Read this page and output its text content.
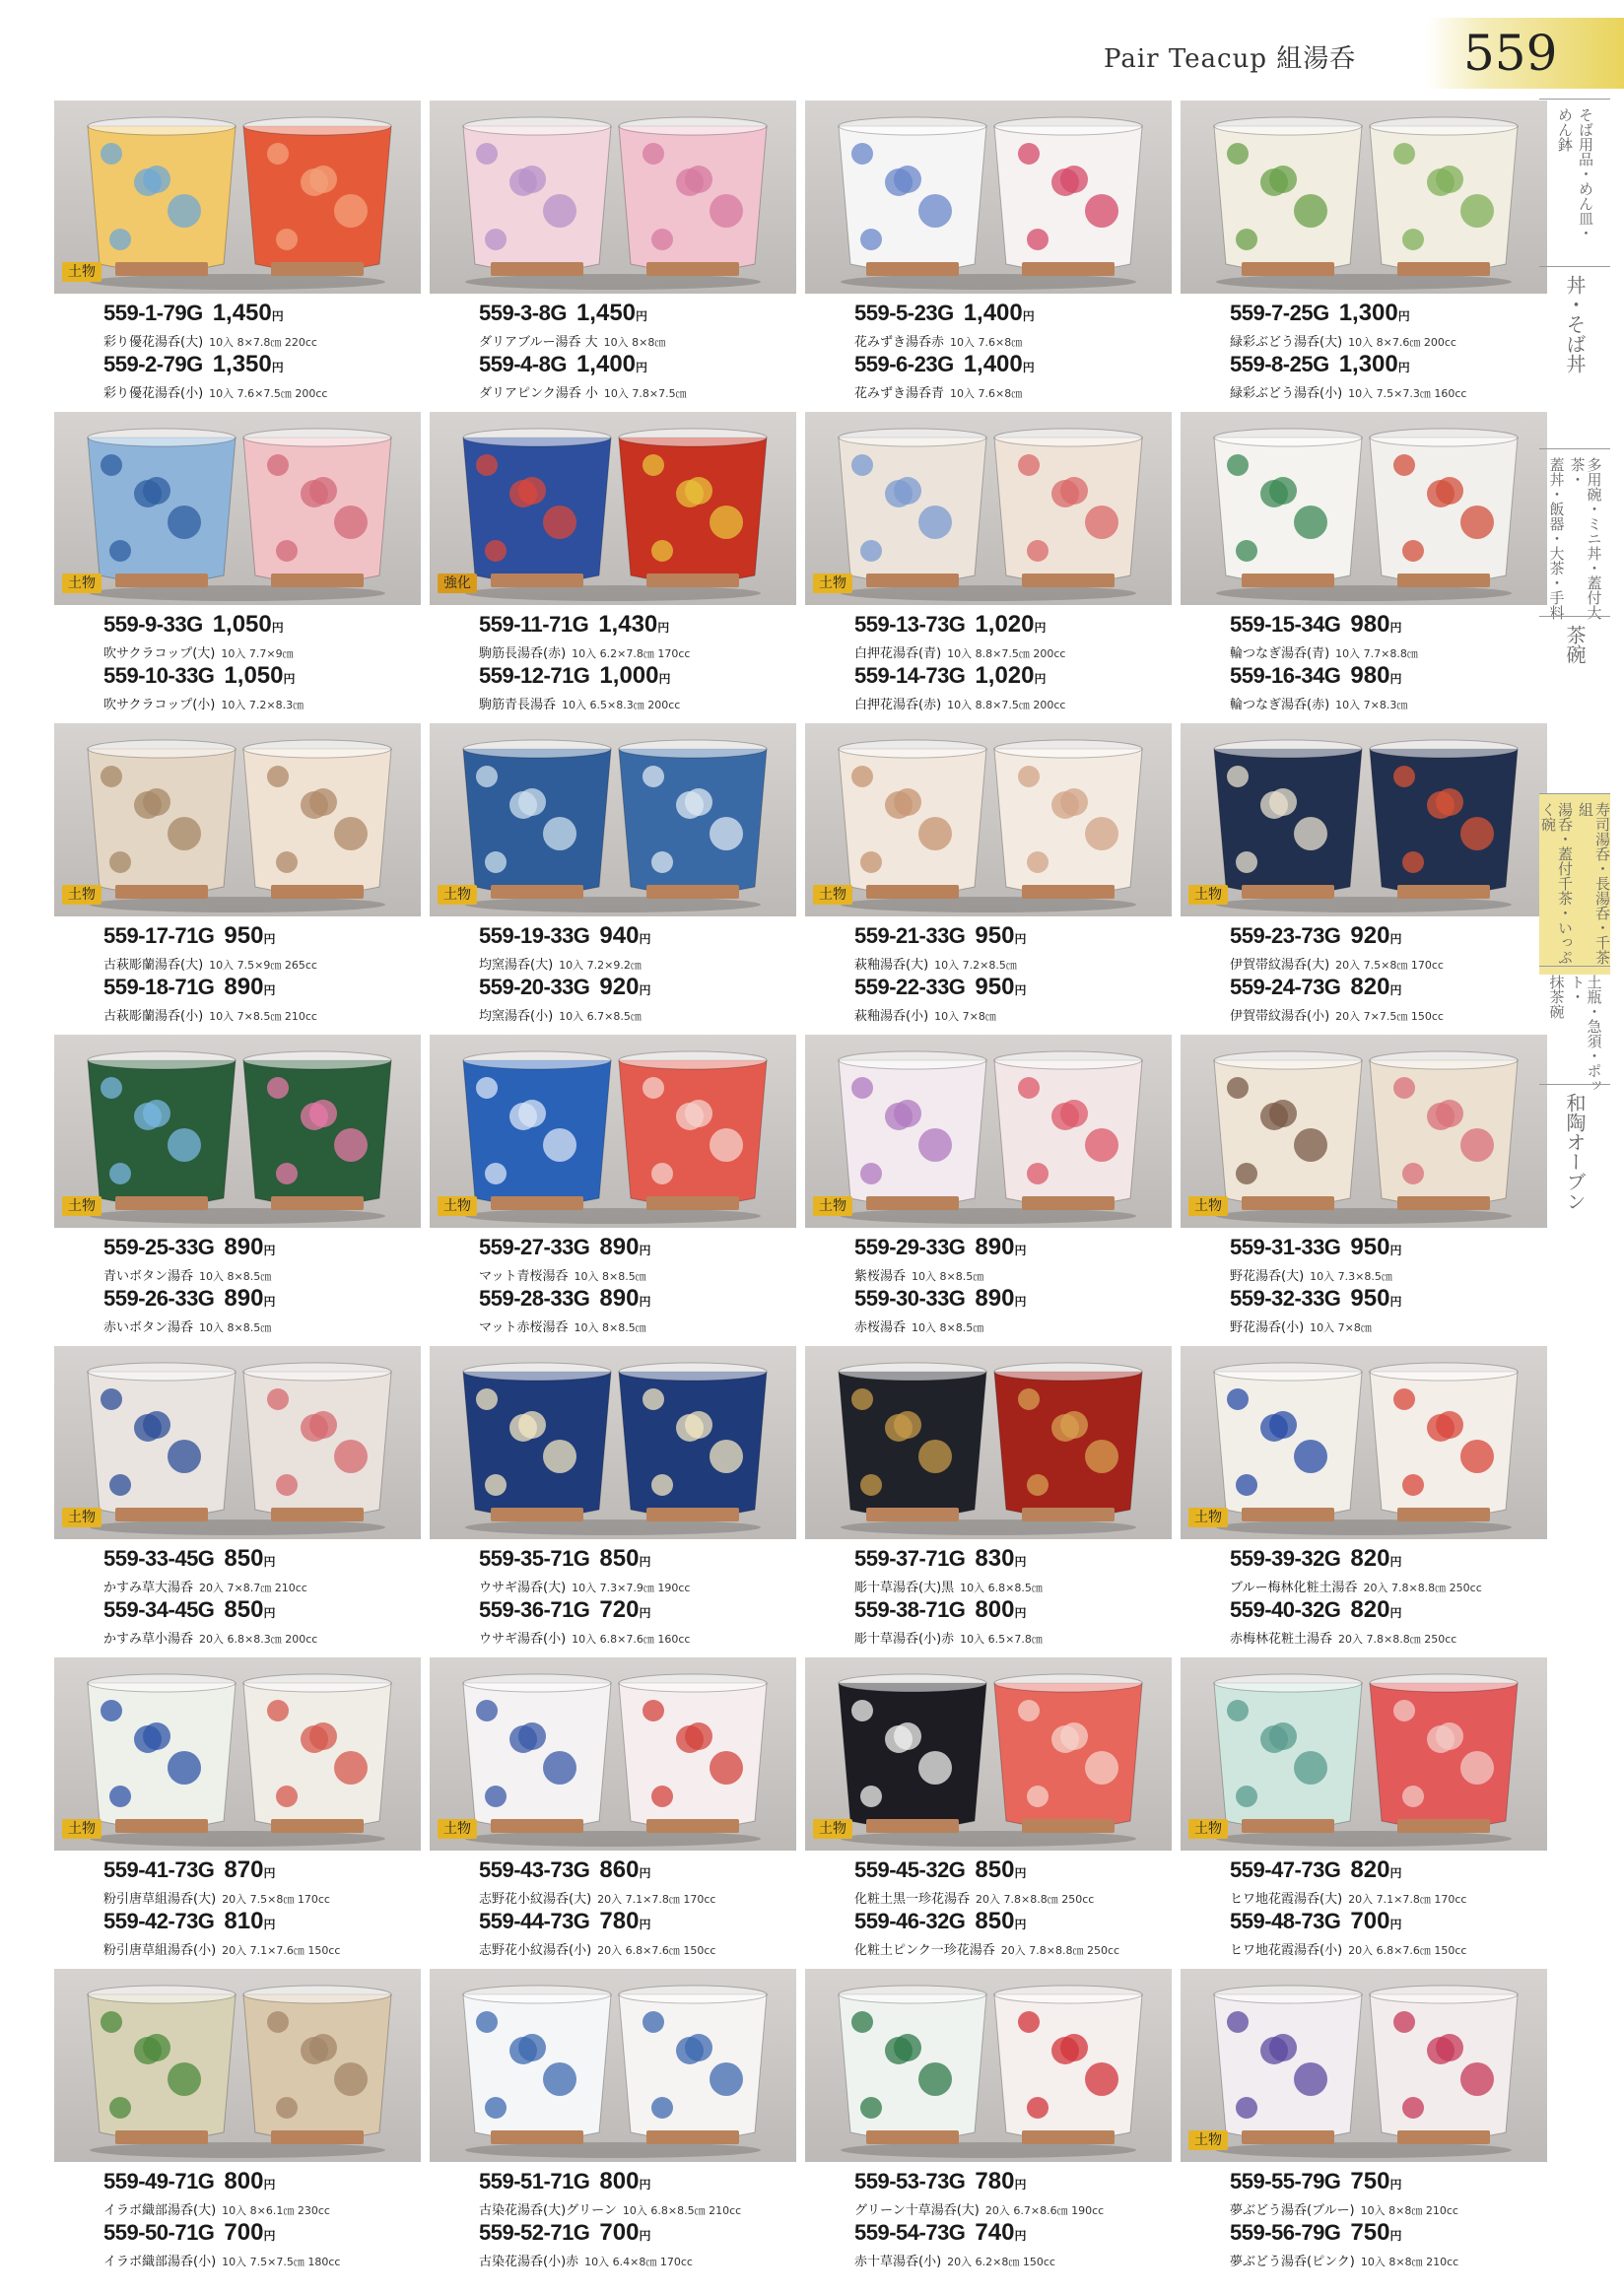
Pair Teacup 組湯呑 559
土物
559-1-79G 1,450円
彩り優花湯呑(大) 10入 8×7.8㎝ 220cc
559-2-79G 1,350円
彩り優花湯呑(小) 10入 7.6×7.5㎝ 200cc
559-3-8G 1,450円
ダリアブルー湯呑 大 10入 8×8㎝
559-4-8G 1,400円
ダリアピンク湯呑 小 10入 7.8×7.5㎝
559-5-23G 1,400円
花みずき湯呑赤 10入 7.6×8㎝
559-6-23G 1,400円
花みずき湯呑青 10入 7.6×8㎝
559-7-25G 1,300円
緑彩ぶどう湯呑(大) 10入 8×7.6㎝ 200cc
559-8-25G 1,300円
緑彩ぶどう湯呑(小) 10入 7.5×7.3㎝ 160cc
土物
559-9-33G 1,050円
吹サクラコップ(大) 10入 7.7×9㎝
559-10-33G 1,050円
吹サクラコップ(小) 10入 7.2×8.3㎝
強化
559-11-71G 1,430円
駒筋長湯呑(赤) 10入 6.2×7.8㎝ 170cc
559-12-71G 1,000円
駒筋青長湯呑 10入 6.5×8.3㎝ 200cc
土物
559-13-73G 1,020円
白押花湯呑(青) 10入 8.8×7.5㎝ 200cc
559-14-73G 1,020円
白押花湯呑(赤) 10入 8.8×7.5㎝ 200cc
559-15-34G 980円
輪つなぎ湯呑(青) 10入 7.7×8.8㎝
559-16-34G 980円
輪つなぎ湯呑(赤) 10入 7×8.3㎝
土物
559-17-71G 950円
古萩彫蘭湯呑(大) 10入 7.5×9㎝ 265cc
559-18-71G 890円
古萩彫蘭湯呑(小) 10入 7×8.5㎝ 210cc
土物
559-19-33G 940円
均窯湯呑(大) 10入 7.2×9.2㎝
559-20-33G 920円
均窯湯呑(小) 10入 6.7×8.5㎝
土物
559-21-33G 950円
萩釉湯呑(大) 10入 7.2×8.5㎝
559-22-33G 950円
萩釉湯呑(小) 10入 7×8㎝
土物
559-23-73G 920円
伊賀帯紋湯呑(大) 20入 7.5×8㎝ 170cc
559-24-73G 820円
伊賀帯紋湯呑(小) 20入 7×7.5㎝ 150cc
土物
559-25-33G 890円
青いボタン湯呑 10入 8×8.5㎝
559-26-33G 890円
赤いボタン湯呑 10入 8×8.5㎝
土物
559-27-33G 890円
マット青桜湯呑 10入 8×8.5㎝
559-28-33G 890円
マット赤桜湯呑 10入 8×8.5㎝
土物
559-29-33G 890円
紫桜湯呑 10入 8×8.5㎝
559-30-33G 890円
赤桜湯呑 10入 8×8.5㎝
土物
559-31-33G 950円
野花湯呑(大) 10入 7.3×8.5㎝
559-32-33G 950円
野花湯呑(小) 10入 7×8㎝
土物
559-33-45G 850円
かすみ草大湯呑 20入 7×8.7㎝ 210cc
559-34-45G 850円
かすみ草小湯呑 20入 6.8×8.3㎝ 200cc
559-35-71G 850円
ウサギ湯呑(大) 10入 7.3×7.9㎝ 190cc
559-36-71G 720円
ウサギ湯呑(小) 10入 6.8×7.6㎝ 160cc
559-37-71G 830円
彫十草湯呑(大)黒 10入 6.8×8.5㎝
559-38-71G 800円
彫十草湯呑(小)赤 10入 6.5×7.8㎝
土物
559-39-32G 820円
ブルー梅林化粧土湯呑 20入 7.8×8.8㎝ 250cc
559-40-32G 820円
赤梅林花粧土湯呑 20入 7.8×8.8㎝ 250cc
土物
559-41-73G 870円
粉引唐草組湯呑(大) 20入 7.5×8㎝ 170cc
559-42-73G 810円
粉引唐草組湯呑(小) 20入 7.1×7.6㎝ 150cc
土物
559-43-73G 860円
志野花小紋湯呑(大) 20入 7.1×7.8㎝ 170cc
559-44-73G 780円
志野花小紋湯呑(小) 20入 6.8×7.6㎝ 150cc
土物
559-45-32G 850円
化粧土黒一珍花湯呑 20入 7.8×8.8㎝ 250cc
559-46-32G 850円
化粧土ピンク一珍花湯呑 20入 7.8×8.8㎝ 250cc
土物
559-47-73G 820円
ヒワ地花霞湯呑(大) 20入 7.1×7.8㎝ 170cc
559-48-73G 700円
ヒワ地花霞湯呑(小) 20入 6.8×7.6㎝ 150cc
559-49-71G 800円
イラボ織部湯呑(大) 10入 8×6.1㎝ 230cc
559-50-71G 700円
イラボ織部湯呑(小) 10入 7.5×7.5㎝ 180cc
559-51-71G 800円
古染花湯呑(大)グリーン 10入 6.8×8.5㎝ 210cc
559-52-71G 700円
古染花湯呑(小)赤 10入 6.4×8㎝ 170cc
559-53-73G 780円
グリーン十草湯呑(大) 20入 6.7×8.6㎝ 190cc
559-54-73G 740円
赤十草湯呑(小) 20入 6.2×8㎝ 150cc
土物
559-55-79G 750円
夢ぶどう湯呑(ブルー) 10入 8×8㎝ 210cc
559-56-79G 750円
夢ぶどう湯呑(ピンク) 10入 8×8㎝ 210cc
そば用品・めん皿・
めん鉢
丼・そば丼
多用碗・ミニ丼・蓋付大茶・
蓋丼・飯器・大茶・手料
茶碗
寿司湯呑・長湯呑・千茶組
湯呑・蓋付千茶・いっぷく碗
土瓶・急須・ポット・
抹茶碗
和陶オーブン
